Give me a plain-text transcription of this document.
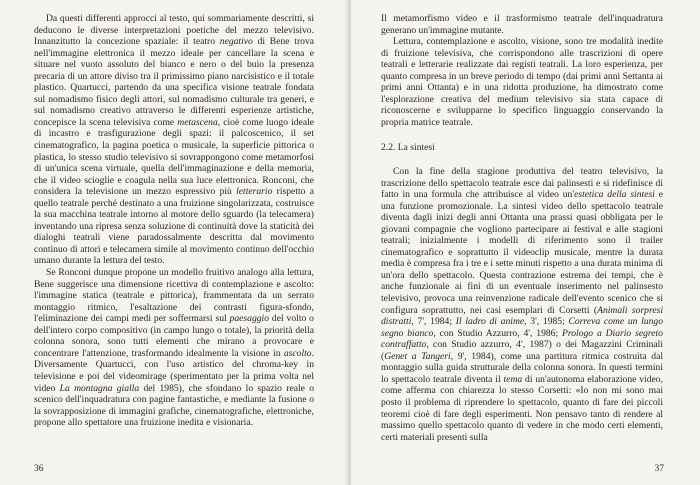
Da questi differenti approcci al testo, qui sommariamente descritti, si deducono le diverse interpretazioni poetiche del mezzo televisivo. Innanzitutto la concezione spaziale: il teatro negativo di Bene trova nell'immagine elettronica il mezzo ideale per cancellare la scena e situare nel vuoto assoluto del bianco e nero o del buio la presenza precaria di un attore diviso tra il primissimo piano narcisistico e il totale plastico. Quartucci, partendo da una specifica visione teatrale fondata sul nomadismo fisico degli attori, sul nomadismo culturale tra generi, e sul nomadismo creativo attraverso le differenti esperienze artistiche, concepisce la scena televisiva come metascena, cioè come luogo ideale di incastro e trasfigurazione degli spazi: il palcoscenico, il set cinematografico, la pagina poetica o musicale, la superficie pittorica o plastica, lo stesso studio televisivo si sovrappongono come metamorfosi di un'unica scena virtuale, quella dell'immaginazione e della memoria, che il video scioglie e coagula nella sua luce elettronica. Ronconi, che considera la televisione un mezzo espressivo più letterario rispetto a quello teatrale perché destinato a una fruizione singolarizzata, costruisce la sua macchina teatrale intorno al motore dello sguardo (la telecamera) inventando una ripresa senza soluzione di continuità dove la staticità dei dialoghi teatrali viene paradossalmente descritta dal movimento continuo di attori e telecamera simile al movimento continuo dell'occhio umano durante la lettura del testo.

Se Ronconi dunque propone un modello fruitivo analogo alla lettura, Bene suggerisce una dimensione ricettiva di contemplazione e ascolto: l'immagine statica (teatrale e pittorica), frammentata da un serrato montaggio ritmico, l'esaltazione dei contrasti figura-sfondo, l'eliminazione dei campi medi per soffermarsi sul paesaggio del volto o dell'intero corpo compositivo (in campo lungo o totale), la priorità della colonna sonora, sono tutti elementi che mirano a provocare e concentrare l'attenzione, trasformando idealmente la visione in ascolto. Diversamente Quartucci, con l'uso artistico del chroma-key in televisione e poi del videomirage (sperimentato per la prima volta nel video La montagna gialla del 1985), che sfondano lo spazio reale o scenico dell'inquadratura con pagine fantastiche, e mediante la fusione o la sovrapposizione di immagini grafiche, cinematografiche, elettroniche, propone allo spettatore una fruizione inedita e visionaria.

36

Il metamorfismo video e il trasformismo teatrale dell'inquadratura generano un'immagine mutante.

Lettura, contemplazione e ascolto, visione, sono tre modalità inedite di fruizione televisiva, che corrispondono alle trascrizioni di opere teatrali e letterarie realizzate dai registi teatrali. La loro esperienza, per quanto compresa in un breve periodo di tempo (dai primi anni Settanta ai primi anni Ottanta) e in una ridotta produzione, ha dimostrato come l'esplorazione creativa del medium televisivo sia stata capace di riconoscerne e svilupparne lo specifico linguaggio conservando la propria matrice teatrale.

2.2. La sintesi

Con la fine della stagione produttiva del teatro televisivo, la trascrizione dello spettacolo teatrale esce dai palinsesti e si ridefinisce di fatto in una formula che attribuisce al video un'estetica della sintesi e una funzione promozionale. La sintesi video dello spettacolo teatrale diventa dagli inizi degli anni Ottanta una prassi quasi obbligata per le giovani compagnie che vogliono partecipare ai festival e alle stagioni teatrali; inizialmente i modelli di riferimento sono il trailer cinematografico e soprattutto il videoclip musicale, mentre la durata media è compresa fra i tre e i sette minuti rispetto a una durata minima di un'ora dello spettacolo. Questa contrazione estrema dei tempi, che è anche funzionale ai fini di un eventuale inserimento nel palinsesto televisivo, provoca una reinvenzione radicale dell'evento scenico che si configura soprattutto, nei casi esemplari di Corsetti (Animali sorpresi distratti, 7', 1984; Il ladro di anime, 3', 1985; Correva come un lungo segno bianco, con Studio Azzurro, 4', 1986; Prologo a Diario segreto contraffatto, con Studio azzurro, 4', 1987) o dei Magazzini Criminali (Genet a Tangeri, 9', 1984), come una partitura ritmica costruita dal montaggio sulla guida strutturale della colonna sonora. In questi termini lo spettacolo teatrale diventa il tema di un'autonoma elaborazione video, come afferma con chiarezza lo stesso Corsetti: «Io non mi sono mai posto il problema di riprendere lo spettacolo, quanto di fare dei piccoli teoremi cioè di fare degli esperimenti. Non pensavo tanto di rendere al massimo quello spettacolo quanto di vedere in che modo certi elementi, certi materiali presenti sulla

37
